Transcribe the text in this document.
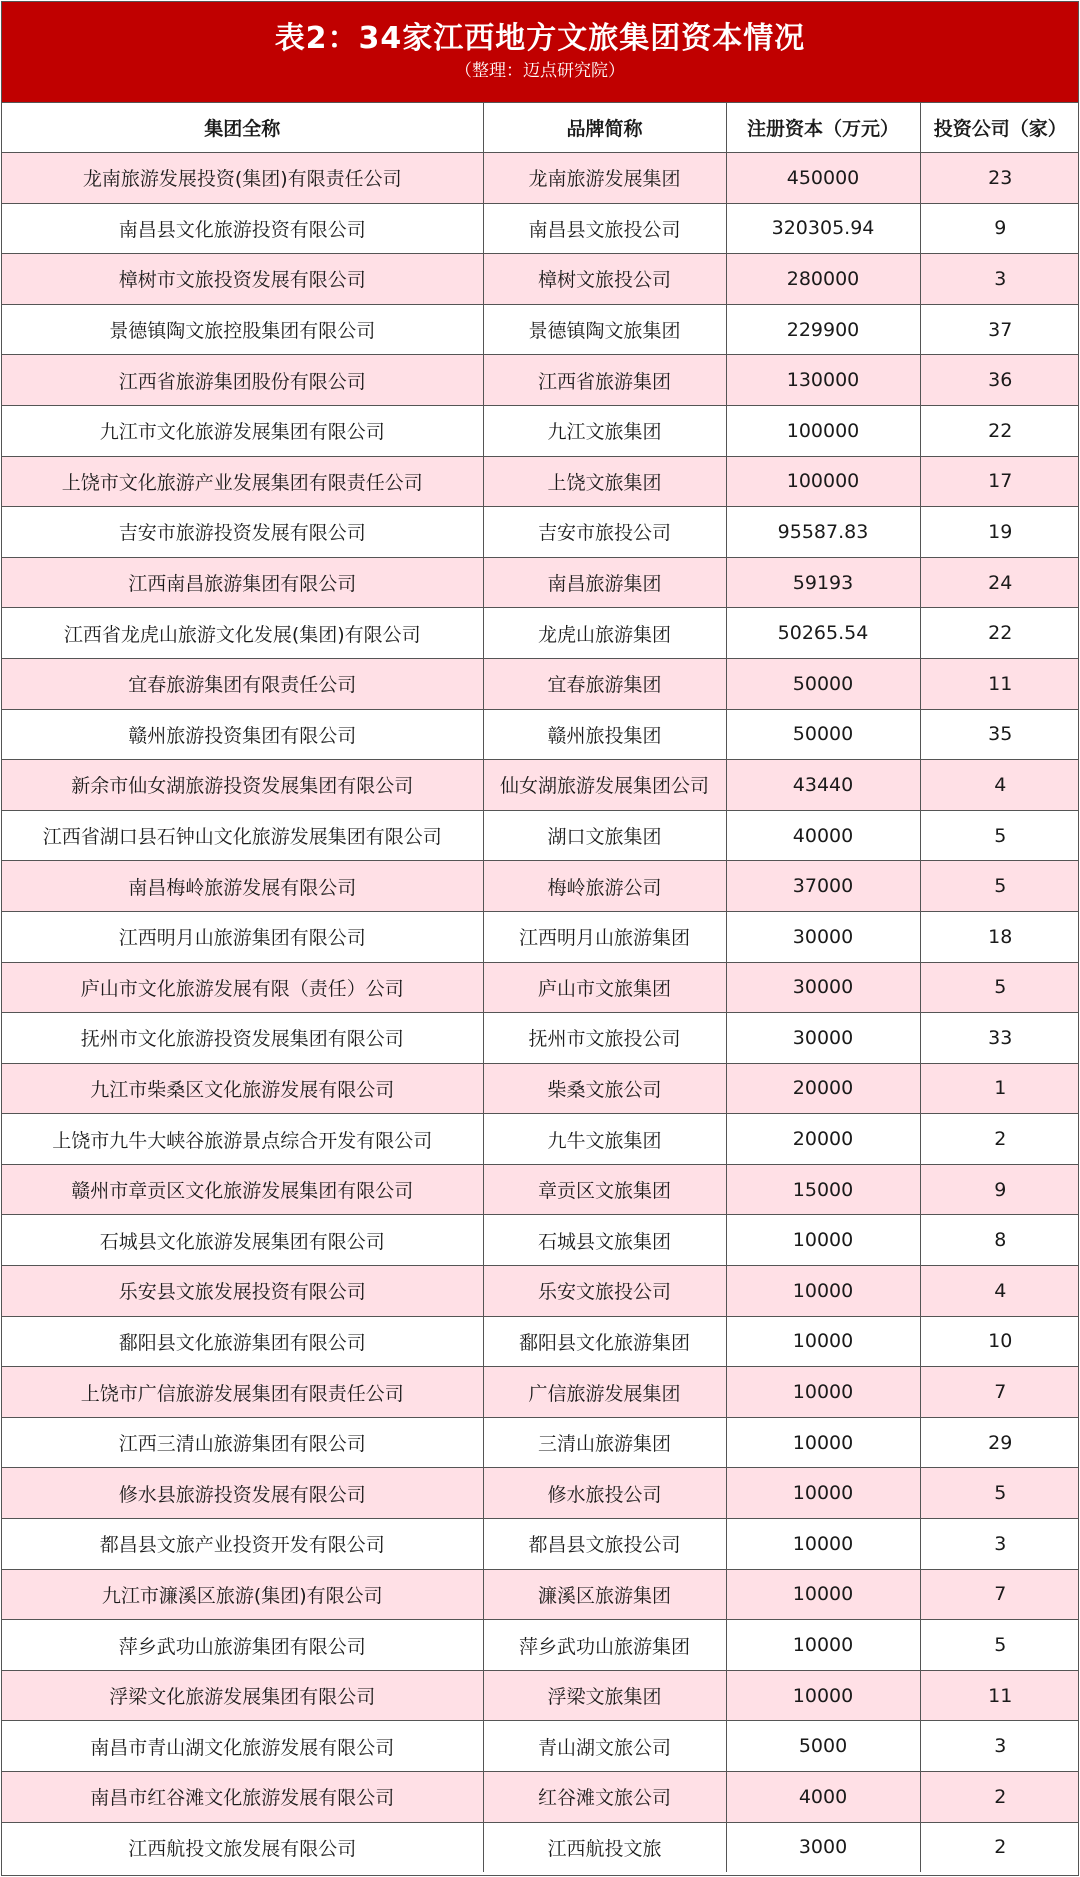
表2：34家江西地方文旅集团资本情况
（整理：迈点研究院）
集团全称	品牌简称	注册资本（万元）	投资公司（家）
龙南旅游发展投资(集团)有限责任公司	龙南旅游发展集团	450000	23
南昌县文化旅游投资有限公司	南昌县文旅投公司	320305.94	9
樟树市文旅投资发展有限公司	樟树文旅投公司	280000	3
景德镇陶文旅控股集团有限公司	景德镇陶文旅集团	229900	37
江西省旅游集团股份有限公司	江西省旅游集团	130000	36
九江市文化旅游发展集团有限公司	九江文旅集团	100000	22
上饶市文化旅游产业发展集团有限责任公司	上饶文旅集团	100000	17
吉安市旅游投资发展有限公司	吉安市旅投公司	95587.83	19
江西南昌旅游集团有限公司	南昌旅游集团	59193	24
江西省龙虎山旅游文化发展(集团)有限公司	龙虎山旅游集团	50265.54	22
宜春旅游集团有限责任公司	宜春旅游集团	50000	11
赣州旅游投资集团有限公司	赣州旅投集团	50000	35
新余市仙女湖旅游投资发展集团有限公司	仙女湖旅游发展集团公司	43440	4
江西省湖口县石钟山文化旅游发展集团有限公司	湖口文旅集团	40000	5
南昌梅岭旅游发展有限公司	梅岭旅游公司	37000	5
江西明月山旅游集团有限公司	江西明月山旅游集团	30000	18
庐山市文化旅游发展有限（责任）公司	庐山市文旅集团	30000	5
抚州市文化旅游投资发展集团有限公司	抚州市文旅投公司	30000	33
九江市柴桑区文化旅游发展有限公司	柴桑文旅公司	20000	1
上饶市九牛大峡谷旅游景点综合开发有限公司	九牛文旅集团	20000	2
赣州市章贡区文化旅游发展集团有限公司	章贡区文旅集团	15000	9
石城县文化旅游发展集团有限公司	石城县文旅集团	10000	8
乐安县文旅发展投资有限公司	乐安文旅投公司	10000	4
鄱阳县文化旅游集团有限公司	鄱阳县文化旅游集团	10000	10
上饶市广信旅游发展集团有限责任公司	广信旅游发展集团	10000	7
江西三清山旅游集团有限公司	三清山旅游集团	10000	29
修水县旅游投资发展有限公司	修水旅投公司	10000	5
都昌县文旅产业投资开发有限公司	都昌县文旅投公司	10000	3
九江市濂溪区旅游(集团)有限公司	濂溪区旅游集团	10000	7
萍乡武功山旅游集团有限公司	萍乡武功山旅游集团	10000	5
浮梁文化旅游发展集团有限公司	浮梁文旅集团	10000	11
南昌市青山湖文化旅游发展有限公司	青山湖文旅公司	5000	3
南昌市红谷滩文化旅游发展有限公司	红谷滩文旅公司	4000	2
江西航投文旅发展有限公司	江西航投文旅	3000	2
